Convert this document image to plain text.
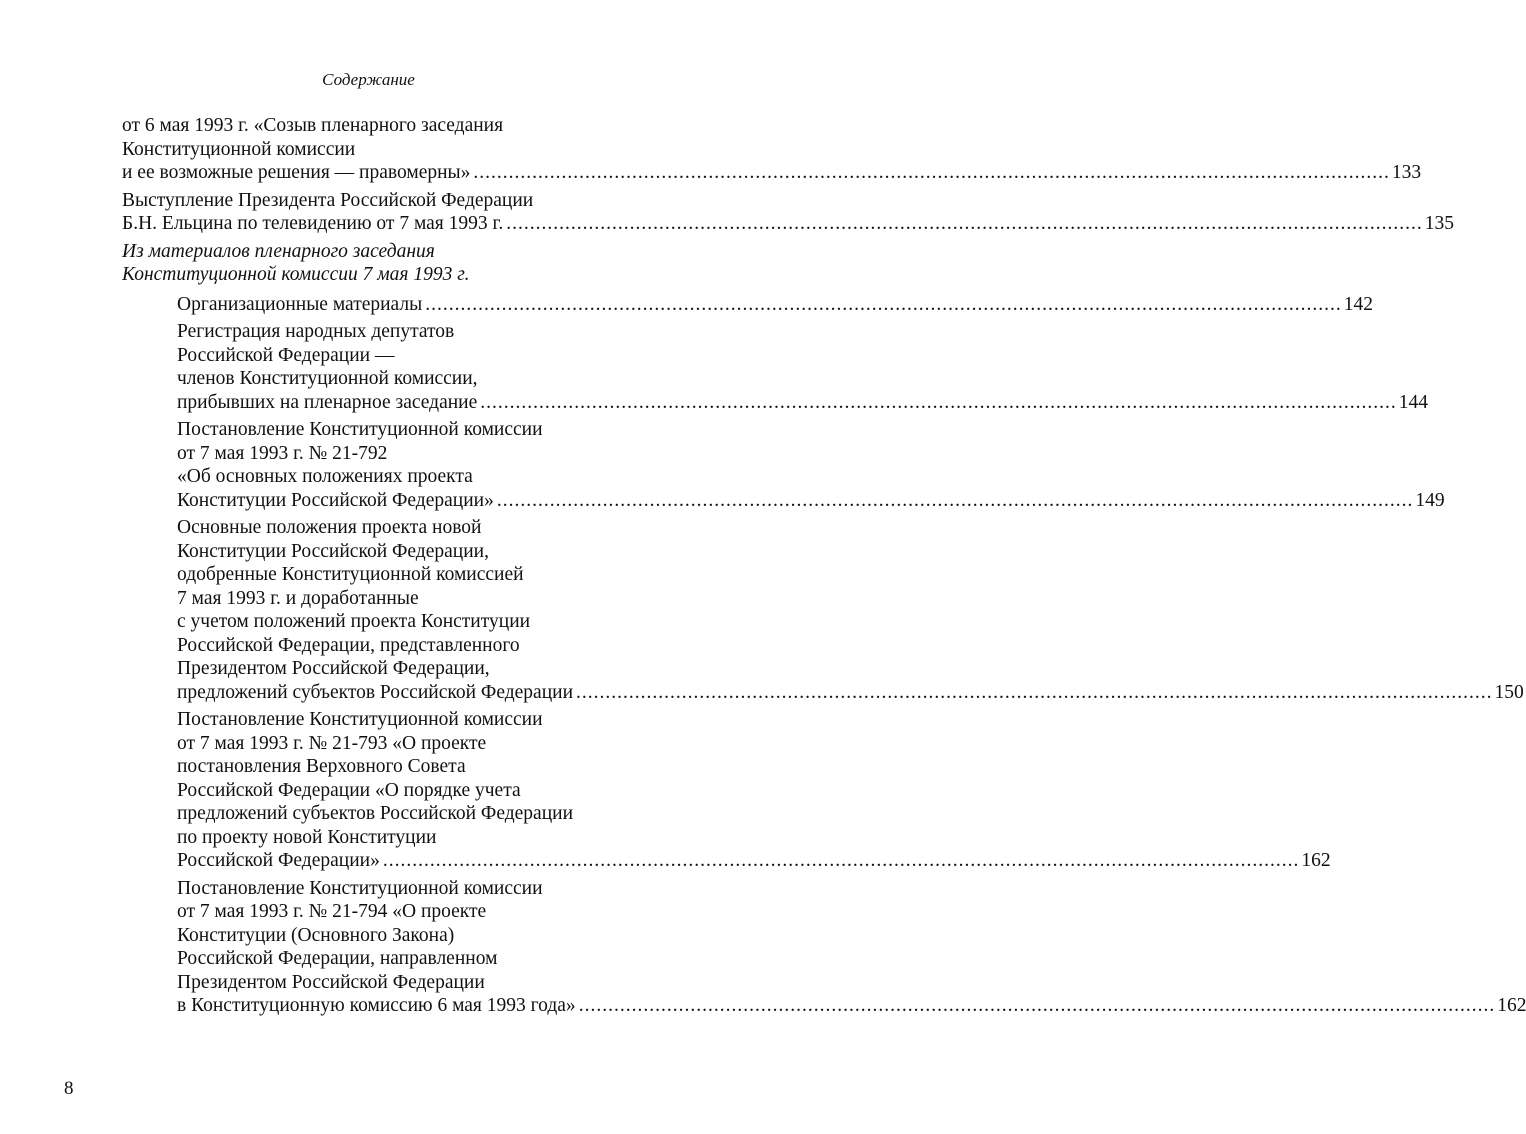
Содержание
от 6 мая 1993 г. «Созыв пленарного заседания
Конституционной комиссии
и ее возможные решения — правомерны» ............................................................................................................................................................ 133
Выступление Президента Российской Федерации
Б.Н. Ельцина по телевидению от 7 мая 1993 г. ............................................................................................................................................................ 135
Из материалов пленарного заседания
Конституционной комиссии 7 мая 1993 г.
Организационные материалы ............................................................................................................................................................ 142
Регистрация народных депутатов
Российской Федерации —
членов Конституционной комиссии,
прибывших на пленарное заседание ............................................................................................................................................................ 144
Постановление Конституционной комиссии
от 7 мая 1993 г. № 21-792
«Об основных положениях проекта
Конституции Российской Федерации» ............................................................................................................................................................ 149
Основные положения проекта новой
Конституции Российской Федерации,
одобренные Конституционной комиссией
7 мая 1993 г. и доработанные
с учетом положений проекта Конституции
Российской Федерации, представленного
Президентом Российской Федерации,
предложений субъектов Российской Федерации ............................................................................................................................................................ 150
Постановление Конституционной комиссии
от 7 мая 1993 г. № 21-793 «О проекте
постановления Верховного Совета
Российской Федерации «О порядке учета
предложений субъектов Российской Федерации
по проекту новой Конституции
Российской Федерации» ............................................................................................................................................................ 162
Постановление Конституционной комиссии
от 7 мая 1993 г. № 21-794 «О проекте
Конституции (Основного Закона)
Российской Федерации, направленном
Президентом Российской Федерации
в Конституционную комиссию 6 мая 1993 года» ............................................................................................................................................................ 162
8
